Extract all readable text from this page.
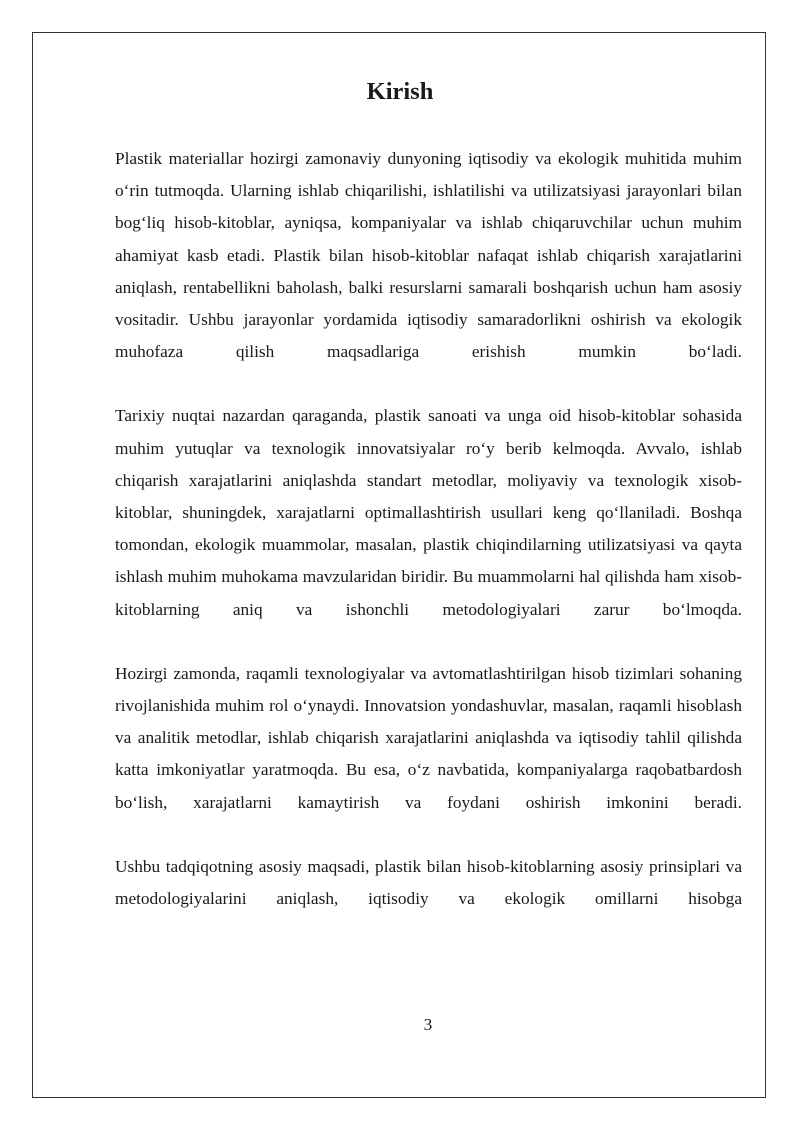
Kirish

Plastik materiallar hozirgi zamonaviy dunyoning iqtisodiy va ekologik muhitida muhim o‘rin tutmoqda. Ularning ishlab chiqarilishi, ishlatilishi va utilizatsiyasi jarayonlari bilan bog‘liq hisob-kitoblar, ayniqsa, kompaniyalar va ishlab chiqaruvchilar uchun muhim ahamiyat kasb etadi. Plastik bilan hisob-kitoblar nafaqat ishlab chiqarish xarajatlarini aniqlash, rentabellikni baholash, balki resurslarni samarali boshqarish uchun ham asosiy vositadir. Ushbu jarayonlar yordamida iqtisodiy samaradorlikni oshirish va ekologik muhofaza qilish maqsadlariga erishish mumkin bo‘ladi.

Tarixiy nuqtai nazardan qaraganda, plastik sanoati va unga oid hisob-kitoblar sohasida muhim yutuqlar va texnologik innovatsiyalar ro‘y berib kelmoqda. Avvalo, ishlab chiqarish xarajatlarini aniqlashda standart metodlar, moliyaviy va texnologik xisob-kitoblar, shuningdek, xarajatlarni optimallashtirish usullari keng qo‘llaniladi. Boshqa tomondan, ekologik muammolar, masalan, plastik chiqindilarning utilizatsiyasi va qayta ishlash muhim muhokama mavzularidan biridir. Bu muammolarni hal qilishda ham xisob-kitoblarning aniq va ishonchli metodologiyalari zarur bo‘lmoqda.

Hozirgi zamonda, raqamli texnologiyalar va avtomatlashtirilgan hisob tizimlari sohaning rivojlanishida muhim rol o‘ynaydi. Innovatsion yondashuvlar, masalan, raqamli hisoblash va analitik metodlar, ishlab chiqarish xarajatlarini aniqlashda va iqtisodiy tahlil qilishda katta imkoniyatlar yaratmoqda. Bu esa, o‘z navbatida, kompaniyalarga raqobatbardosh bo‘lish, xarajatlarni kamaytirish va foydani oshirish imkonini beradi.

Ushbu tadqiqotning asosiy maqsadi, plastik bilan hisob-kitoblarning asosiy prinsiplari va metodologiyalarini aniqlash, iqtisodiy va ekologik omillarni hisobga

3
